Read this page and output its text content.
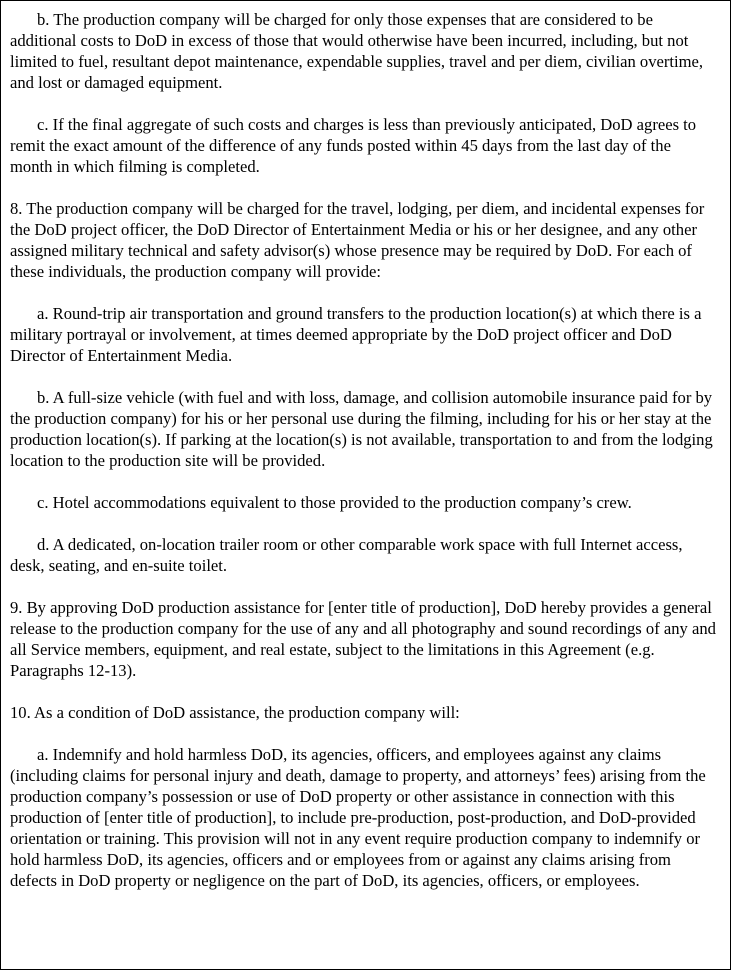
b. The production company will be charged for only those expenses that are considered to be additional costs to DoD in excess of those that would otherwise have been incurred, including, but not limited to fuel, resultant depot maintenance, expendable supplies, travel and per diem, civilian overtime, and lost or damaged equipment.

c. If the final aggregate of such costs and charges is less than previously anticipated, DoD agrees to remit the exact amount of the difference of any funds posted within 45 days from the last day of the month in which filming is completed.

8. The production company will be charged for the travel, lodging, per diem, and incidental expenses for the DoD project officer, the DoD Director of Entertainment Media or his or her designee, and any other assigned military technical and safety advisor(s) whose presence may be required by DoD. For each of these individuals, the production company will provide:

a. Round-trip air transportation and ground transfers to the production location(s) at which there is a military portrayal or involvement, at times deemed appropriate by the DoD project officer and DoD Director of Entertainment Media.

b. A full-size vehicle (with fuel and with loss, damage, and collision automobile insurance paid for by the production company) for his or her personal use during the filming, including for his or her stay at the production location(s). If parking at the location(s) is not available, transportation to and from the lodging location to the production site will be provided.

c. Hotel accommodations equivalent to those provided to the production company’s crew.

d. A dedicated, on-location trailer room or other comparable work space with full Internet access, desk, seating, and en-suite toilet.

9. By approving DoD production assistance for [enter title of production], DoD hereby provides a general release to the production company for the use of any and all photography and sound recordings of any and all Service members, equipment, and real estate, subject to the limitations in this Agreement (e.g. Paragraphs 12-13).

10. As a condition of DoD assistance, the production company will:

a. Indemnify and hold harmless DoD, its agencies, officers, and employees against any claims (including claims for personal injury and death, damage to property, and attorneys’ fees) arising from the production company’s possession or use of DoD property or other assistance in connection with this production of [enter title of production], to include pre-production, post-production, and DoD-provided orientation or training. This provision will not in any event require production company to indemnify or hold harmless DoD, its agencies, officers and or employees from or against any claims arising from defects in DoD property or negligence on the part of DoD, its agencies, officers, or employees.
